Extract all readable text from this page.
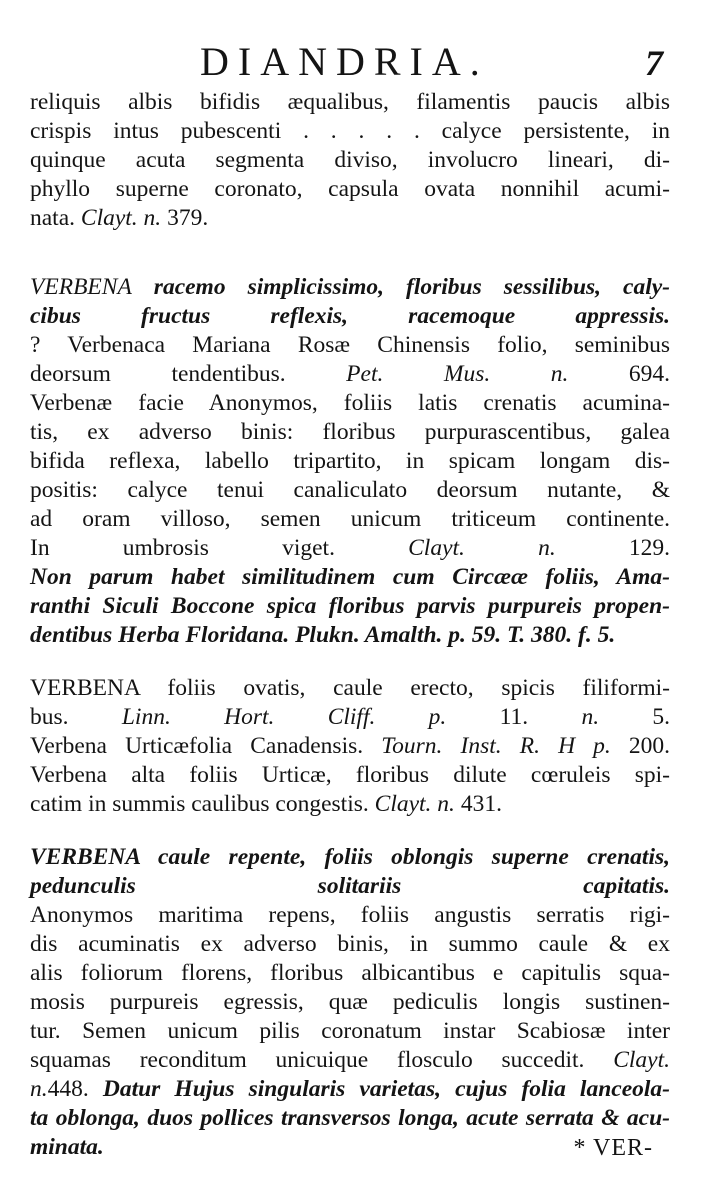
DIANDRIA.	7
reliquis albis bifidis æqualibus, filamentis paucis albis
crispis intus pubescenti . . . . . calyce persistente, in
quinque acuta segmenta diviso, involucro lineari, di-
phyllo superne coronato, capsula ovata nonnihil acumi-
nata. Clayt. n. 379.
VERBENA racemo simplicissimo, floribus sessilibus, caly-
cibus fructus reflexis, racemoque appressis.
? Verbenaca Mariana Rosæ Chinensis folio, seminibus
deorsum tendentibus. Pet. Mus. n. 694.
Verbenæ facie Anonymos, foliis latis crenatis acumina-
tis, ex adverso binis: floribus purpurascentibus, galea
bifida reflexa, labello tripartito, in spicam longam dis-
positis: calyce tenui canaliculato deorsum nutante, &
ad oram villoso, semen unicum triticeum continente.
In umbrosis viget. Clayt. n. 129.
Non parum habet similitudinem cum Circææ foliis, Ama-
ranthi Siculi Boccone spica floribus parvis purpureis propen-
dentibus Herba Floridana. Plukn. Amalth. p. 59. T. 380. f. 5.
VERBENA foliis ovatis, caule erecto, spicis filiformi-
bus. Linn. Hort. Cliff. p. 11. n. 5.
Verbena Urticæfolia Canadensis. Tourn. Inst. R. H p. 200.
Verbena alta foliis Urticæ, floribus dilute cœruleis spi-
catim in summis caulibus congestis. Clayt. n. 431.
VERBENA caule repente, foliis oblongis superne crenatis,
pedunculis solitariis capitatis.
Anonymos maritima repens, foliis angustis serratis rigi-
dis acuminatis ex adverso binis, in summo caule & ex
alis foliorum florens, floribus albicantibus e capitulis squa-
mosis purpureis egressis, quæ pediculis longis sustinen-
tur. Semen unicum pilis coronatum instar Scabiosæ inter
squamas reconditum unicuique flosculo succedit. Clayt.
n.448. Datur Hujus singularis varietas, cujus folia lanceola-
ta oblonga, duos pollices transversos longa, acute serrata & acu-
minata.	* VER-
